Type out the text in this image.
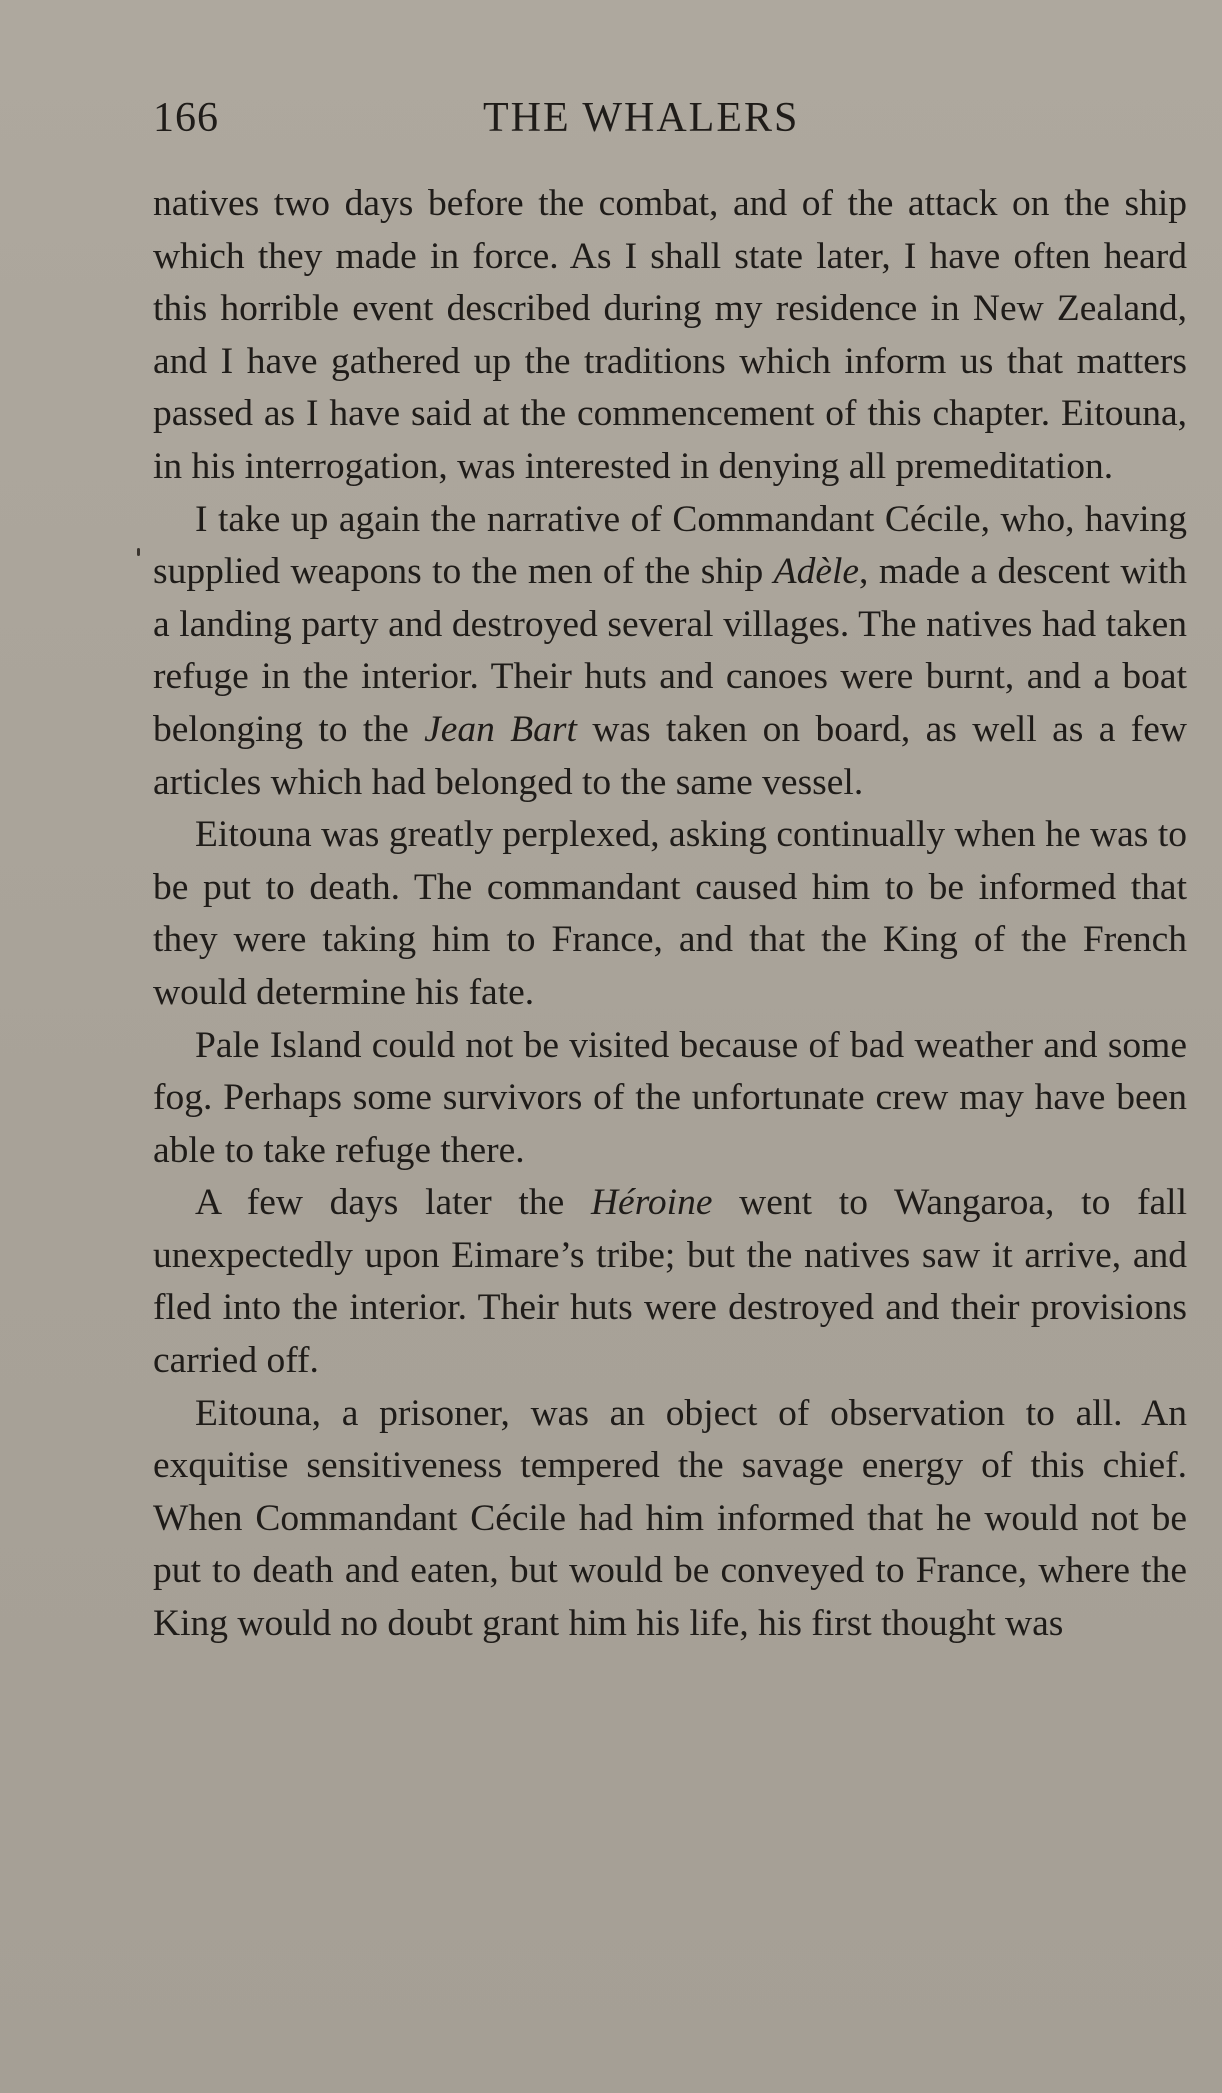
166	THE WHALERS

natives two days before the combat, and of the attack on the ship which they made in force. As I shall state later, I have often heard this horrible event described during my residence in New Zealand, and I have gathered up the traditions which inform us that matters passed as I have said at the commencement of this chapter. Eitouna, in his interrogation, was interested in denying all premeditation.

I take up again the narrative of Commandant Cécile, who, having supplied weapons to the men of the ship Adèle, made a descent with a landing party and destroyed several villages. The natives had taken refuge in the interior. Their huts and canoes were burnt, and a boat belonging to the Jean Bart was taken on board, as well as a few articles which had belonged to the same vessel.

Eitouna was greatly perplexed, asking continually when he was to be put to death. The commandant caused him to be informed that they were taking him to France, and that the King of the French would determine his fate.

Pale Island could not be visited because of bad weather and some fog. Perhaps some survivors of the unfortunate crew may have been able to take refuge there.

A few days later the Héroine went to Wangaroa, to fall unexpectedly upon Eimare’s tribe; but the natives saw it arrive, and fled into the interior. Their huts were destroyed and their provisions carried off.

Eitouna, a prisoner, was an object of observation to all. An exquitise sensitiveness tempered the savage energy of this chief. When Commandant Cécile had him informed that he would not be put to death and eaten, but would be conveyed to France, where the King would no doubt grant him his life, his first thought was
